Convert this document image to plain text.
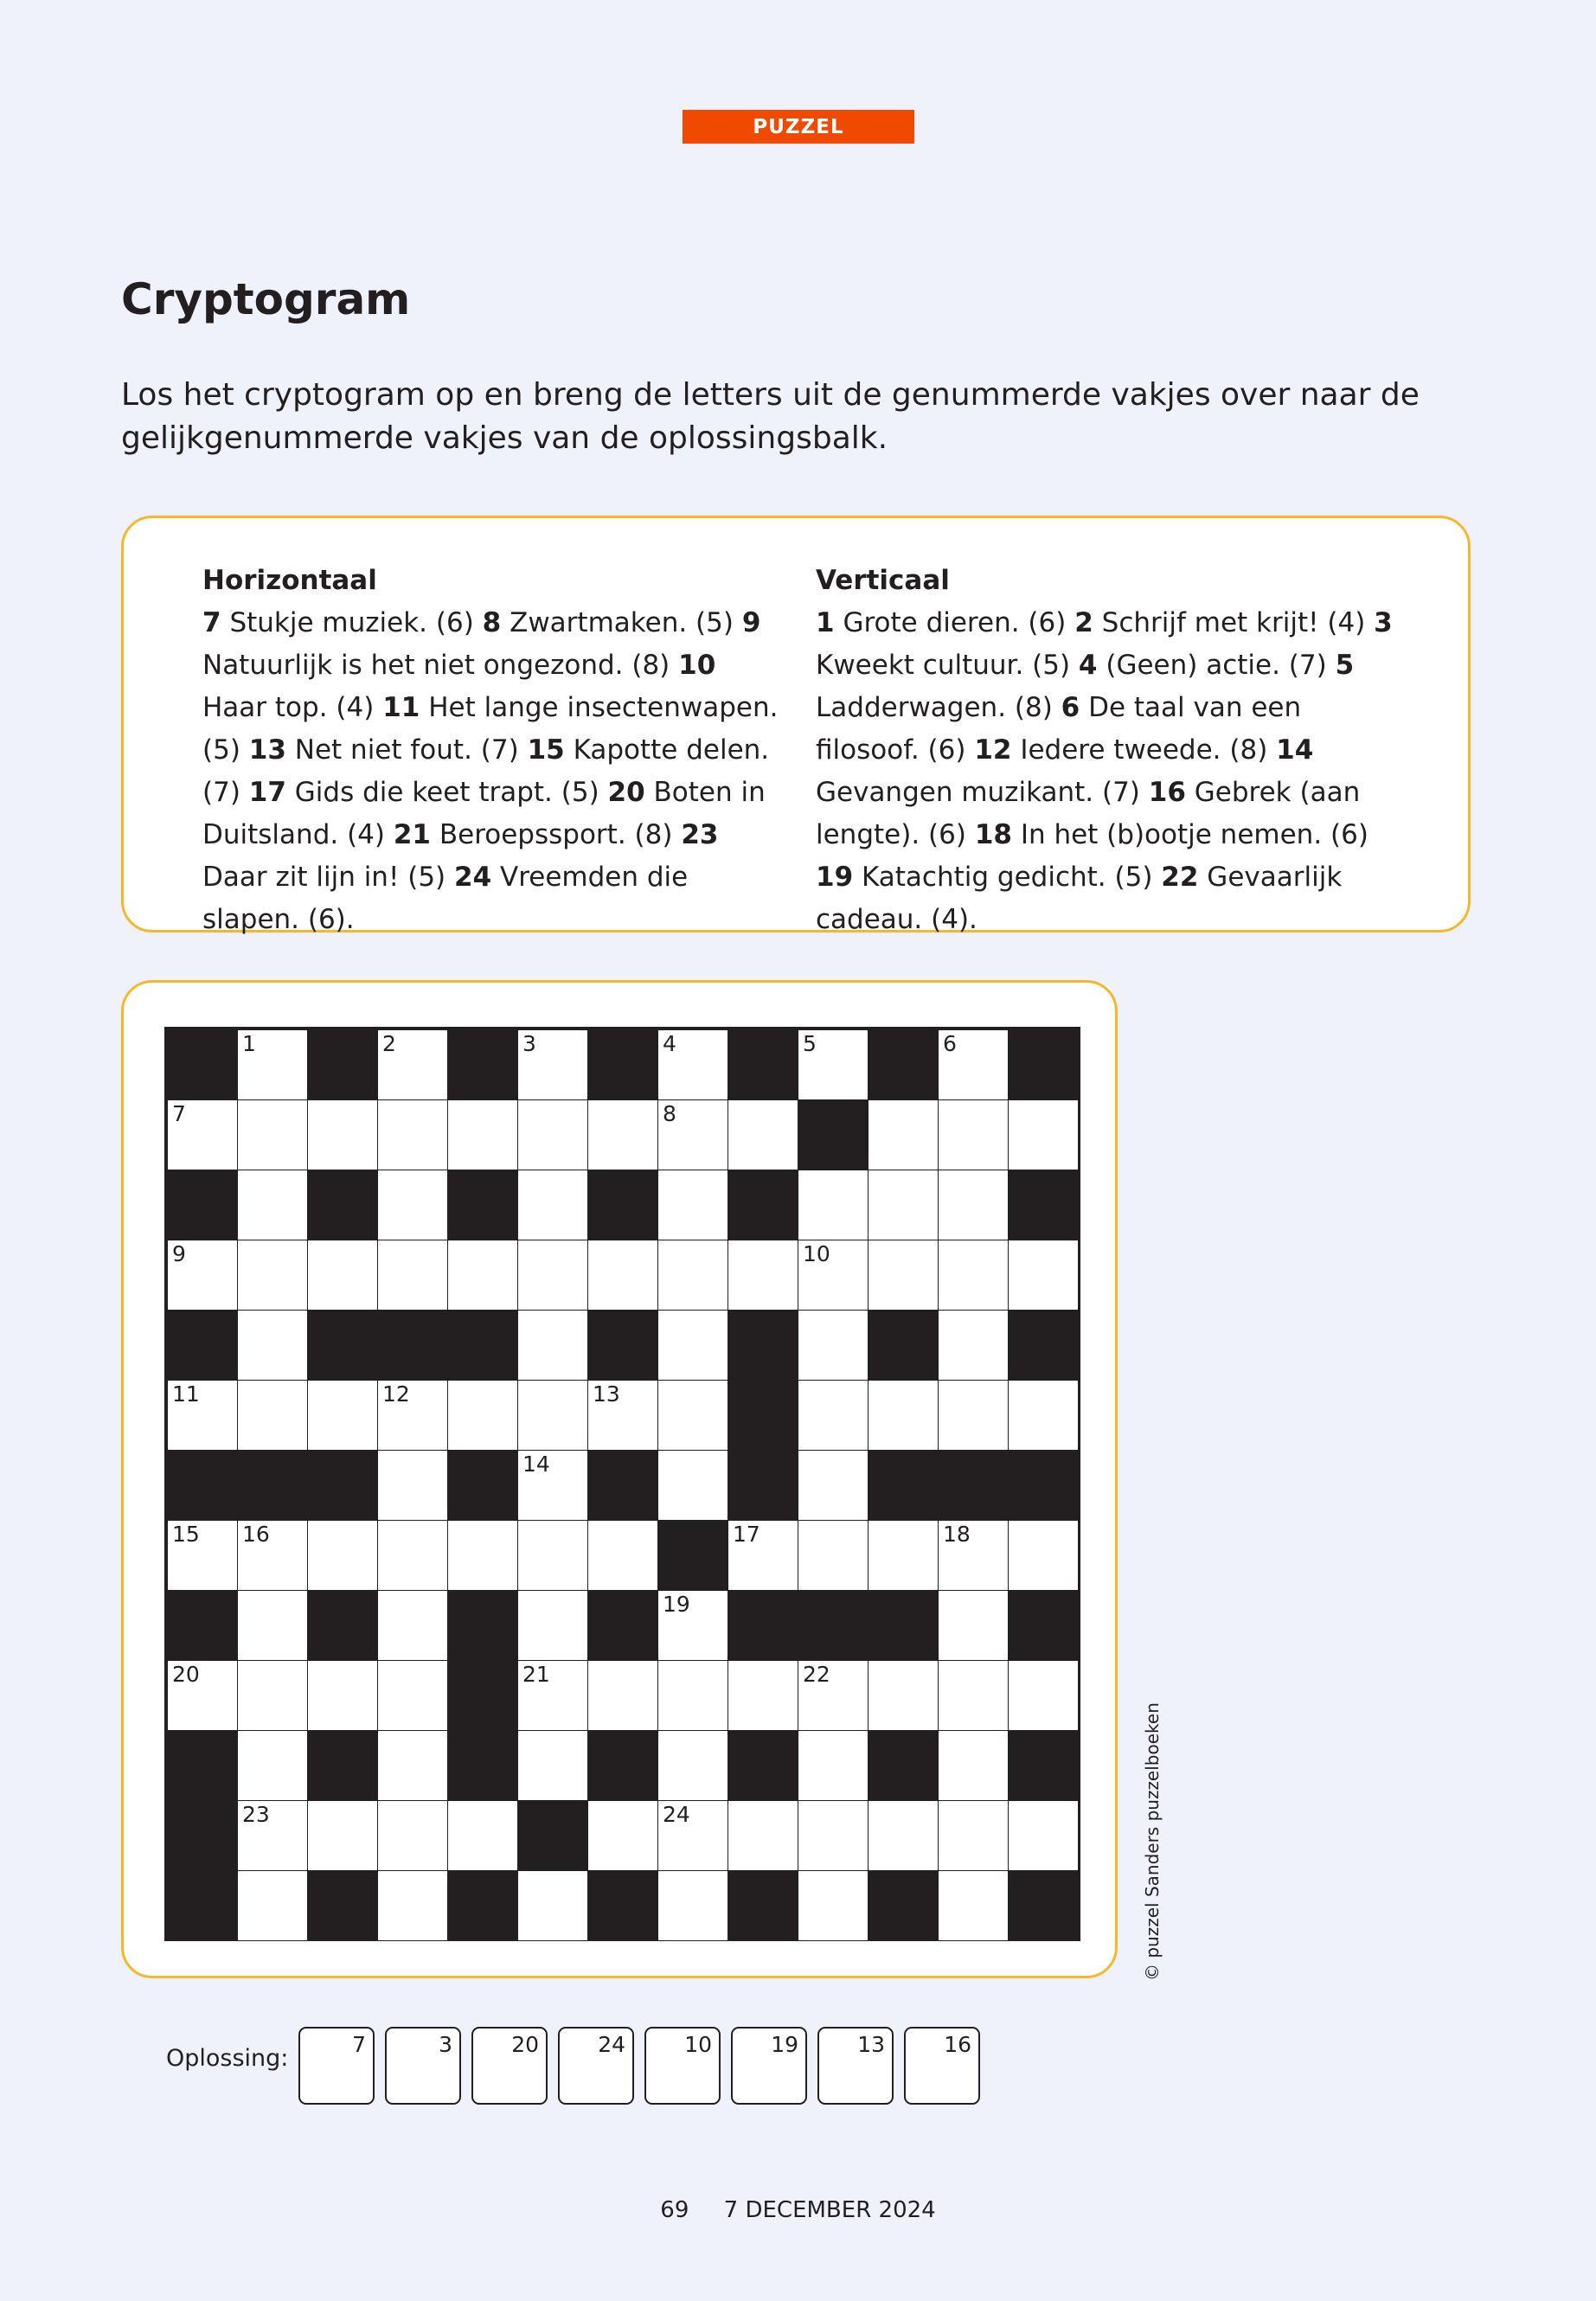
PUZZEL
Cryptogram

Los het cryptogram op en breng de letters uit de genummerde vakjes over naar de gelijkgenummerde vakjes van de oplossingsbalk.

Horizontaal

7 Stukje muziek. (6) 8 Zwartmaken. (5) 9 Natuurlijk is het niet ongezond. (8) 10 Haar top. (4) 11 Het lange insectenwapen. (5) 13 Net niet fout. (7) 15 Kapotte delen. (7) 17 Gids die keet trapt. (5) 20 Boten in Duitsland. (4) 21 Beroepssport. (8) 23 Daar zit lijn in! (5) 24 Vreemden die slapen. (6).

Verticaal

1 Grote dieren. (6) 2 Schrijf met krijt! (4) 3 Kweekt cultuur. (5) 4 (Geen) actie. (7) 5 Ladderwagen. (8) 6 De taal van een filosoof. (6) 12 Iedere tweede. (8) 14 Gevangen muzikant. (7) 16 Gebrek (aan lengte). (6) 18 In het (b)ootje nemen. (6) 19 Katachtig gedicht. (5) 22 Gevaarlijk cadeau. (4).

1	2	3	4	5	6
7	8
9	10
11	12	13
14
15 16	17	18
19
20	21	22
23	24	© puzzel Sanders puzzelboeken
Oplossing:
7	3	20	24	10	19	13	16
69 7 DECEMBER 2024
